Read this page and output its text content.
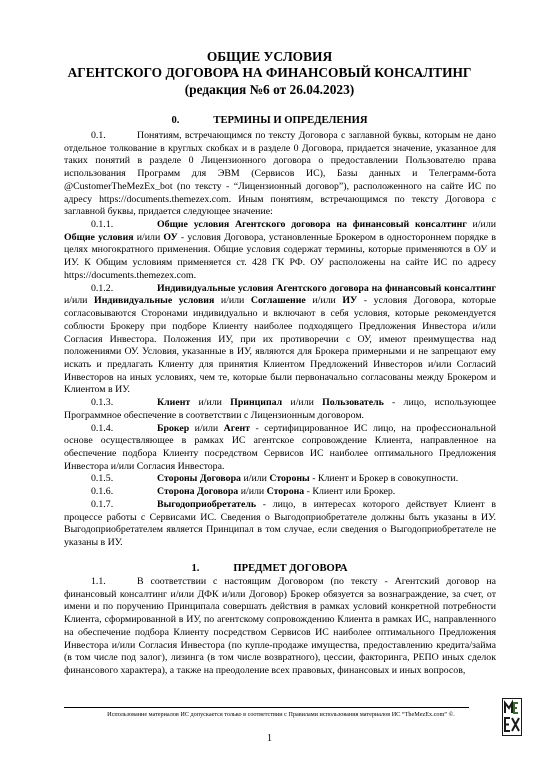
ОБЩИЕ УСЛОВИЯ
АГЕНТСКОГО ДОГОВОРА НА ФИНАНСОВЫЙ КОНСАЛТИНГ
(редакция №6 от 26.04.2023)
0.	ТЕРМИНЫ И ОПРЕДЕЛЕНИЯ

0.1.	Понятиям, встречающимся по тексту Договора с заглавной буквы, которым не дано отдельное толкование в круглых скобках и в разделе 0 Договора, придается значение, указанное для таких понятий в разделе 0 Лицензионного договора о предоставлении Пользователю права использования Программ для ЭВМ (Сервисов ИС), Базы данных и Телеграмм-бота @CustomerTheMezEx_bot (по тексту - “Лицензионный договор”), расположенного на сайте ИС по адресу https://documents.themezex.com. Иным понятиям, встречающимся по тексту Договора с заглавной буквы, придается следующее значение:

0.1.1.	Общие условия Агентского договора на финансовый консалтинг и/или Общие условия и/или ОУ - условия Договора, установленные Брокером в одностороннем порядке в целях многократного применения. Общие условия содержат термины, которые применяются в ОУ и ИУ. К Общим условиям применяется ст. 428 ГК РФ. ОУ расположены на сайте ИС по адресу https://documents.themezex.com.

0.1.2.	Индивидуальные условия Агентского договора на финансовый консалтинг и/или Индивидуальные условия и/или Соглашение и/или ИУ - условия Договора, которые согласовываются Сторонами индивидуально и включают в себя условия, которые рекомендуется соблюсти Брокеру при подборе Клиенту наиболее подходящего Предложения Инвестора и/или Согласия Инвестора. Положения ИУ, при их противоречии с ОУ, имеют преимущества над положениями ОУ. Условия, указанные в ИУ, являются для Брокера примерными и не запрещают ему искать и предлагать Клиенту для принятия Клиентом Предложений Инвесторов и/или Согласий Инвесторов на иных условиях, чем те, которые были первоначально согласованы между Брокером и Клиентом в ИУ.

0.1.3.	Клиент и/или Принципал и/или Пользователь - лицо, использующее Программное обеспечение в соответствии с Лицензионным договором.

0.1.4.	Брокер и/или Агент - сертифицированное ИС лицо, на профессиональной основе осуществляющее в рамках ИС агентское сопровождение Клиента, направленное на обеспечение подбора Клиенту посредством Сервисов ИС наиболее оптимального Предложения Инвестора и/или Согласия Инвестора.

0.1.5.	Стороны Договора и/или Стороны - Клиент и Брокер в совокупности.

0.1.6.	Сторона Договора и/или Сторона - Клиент или Брокер.

0.1.7.	Выгодоприобретатель - лицо, в интересах которого действует Клиент в процессе работы с Сервисами ИС. Сведения о Выгодоприобретателе должны быть указаны в ИУ. Выгодоприобретателем является Принципал в том случае, если сведения о Выгодоприобретателе не указаны в ИУ.

1.	ПРЕДМЕТ ДОГОВОРА

1.1.	В соответствии с настоящим Договором (по тексту - Агентский договор на финансовый консалтинг и/или ДФК и/или Договор) Брокер обязуется за вознаграждение, за счет, от имени и по поручению Принципала совершать действия в рамках условий конкретной потребности Клиента, сформированной в ИУ, по агентскому сопровождению Клиента в рамках ИС, направленного на обеспечение подбора Клиенту посредством Сервисов ИС наиболее оптимального Предложения Инвестора и/или Согласия Инвестора (по купле-продаже имущества, предоставлению кредита/займа (в том числе под залог), лизинга (в том числе возвратного), цессии, факторинга, РЕПО иных сделок финансового характера), а также на преодоление всех правовых, финансовых и иных вопросов,

Использование материалов ИС допускается только в соответствии с Правилами использования материалов ИС “TheMezEx.com” ©.
1
